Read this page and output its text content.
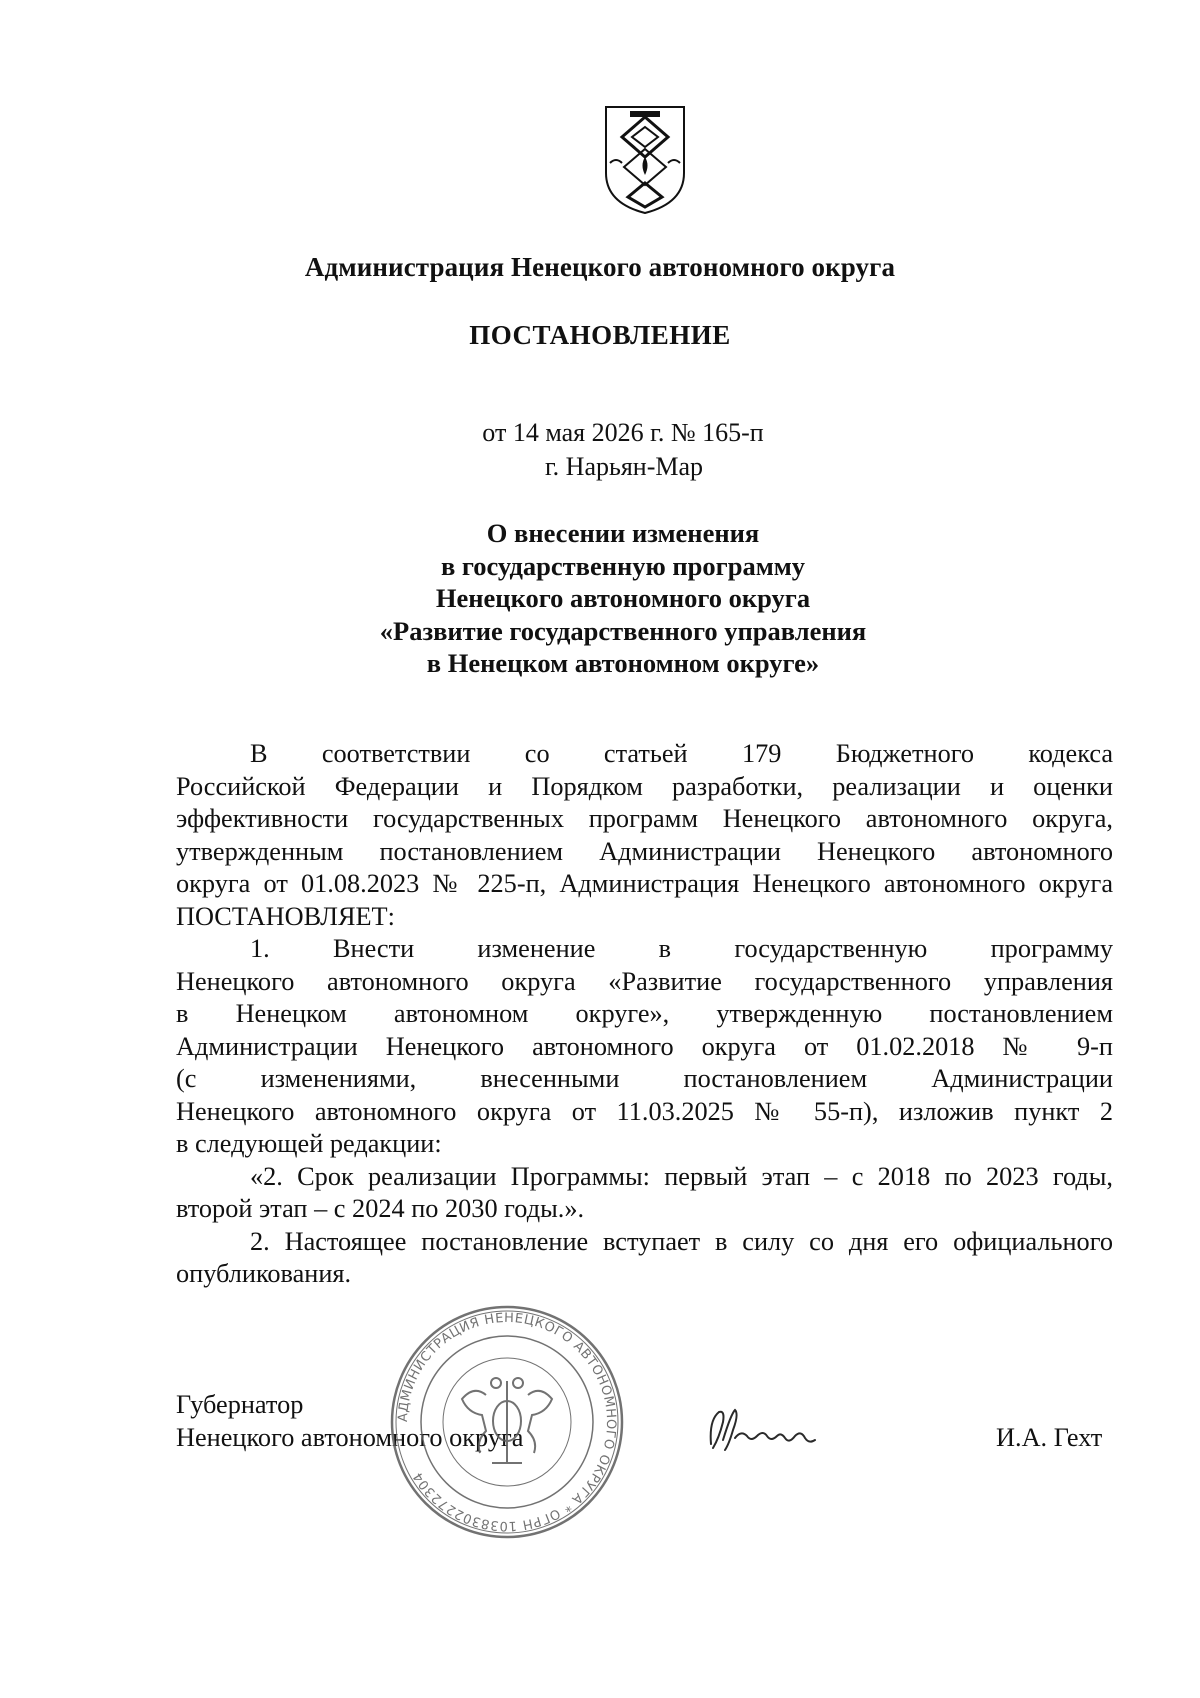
Администрация Ненецкого автономного округа
ПОСТАНОВЛЕНИЕ
от 14 мая 2026 г. № 165-п
г. Нарьян-Мар
О внесении изменения
в государственную программу
Ненецкого автономного округа
«Развитие государственного управления
в Ненецком автономном округе»
В соответствии со статьей 179 Бюджетного кодекса
Российской Федерации и Порядком разработки, реализации и оценки
эффективности государственных программ Ненецкого автономного округа,
утвержденным постановлением Администрации Ненецкого автономного
округа от 01.08.2023 № 225-п, Администрация Ненецкого автономного округа
ПОСТАНОВЛЯЕТ:
1. Внести изменение в государственную программу
Ненецкого автономного округа «Развитие государственного управления
в Ненецком автономном округе», утвержденную постановлением
Администрации Ненецкого автономного округа от 01.02.2018 № 9-п
(с изменениями, внесенными постановлением Администрации
Ненецкого автономного округа от 11.03.2025 № 55-п), изложив пункт 2
в следующей редакции:
«2. Срок реализации Программы: первый этап – с 2018 по 2023 годы,
второй этап – с 2024 по 2030 годы.».
2. Настоящее постановление вступает в силу со дня его официального
опубликования.
Губернатор
Ненецкого автономного округа
АДМИНИСТРАЦИЯ НЕНЕЦКОГО АВТОНОМНОГО ОКРУГА * ОГРН 1038302272304
И.А. Гехт
